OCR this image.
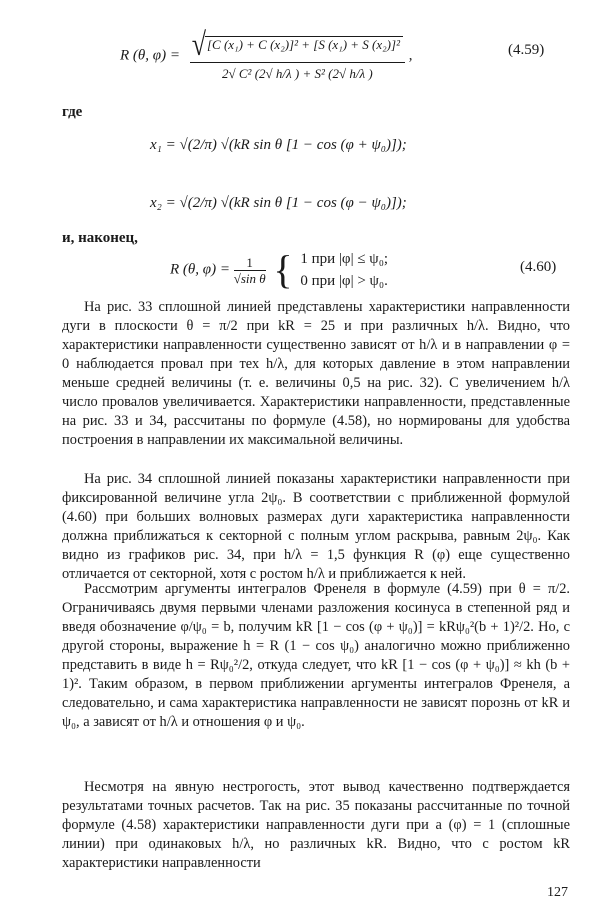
R (θ, $\varphi) = \frac{\text{√[C (x₁) + C (x₂)]² + [S (x₁) + S (x₂)]²}}{\text{2√ C² (2√ h/λ ) + S² (2√ h/λ )}}$ ,	(4.59)
где
x₁ = √(2/π) √(kR sin θ [1 − cos (φ + ψ₀)]);
x₂ = √(2/π) √(kR sin θ [1 − cos (φ − ψ₀)]);
и, наконец,
R (θ, $\varphi) = \frac{1}{\text{√sin θ}}$ { 1 при |φ| ≤ ψ₀;
0 при |φ| > ψ₀.
(4.60)

На рис. 33 сплошной линией представлены характеристики направленности дуги в плоскости θ = π/2 при kR = 25 и при различных h/λ. Видно, что характеристики направленности существенно зависят от h/λ и в направлении φ = 0 наблюдается провал при тех h/λ, для которых давление в этом направлении меньше средней величины (т. е. величины 0,5 на рис. 32). С увеличением h/λ число провалов увеличивается. Характеристики направленности, представленные на рис. 33 и 34, рассчитаны по формуле (4.58), но нормированы для удобства построения в направлении их максимальной величины.

На рис. 34 сплошной линией показаны характеристики направленности при фиксированной величине угла 2ψ₀. В соответствии с приближенной формулой (4.60) при больших волновых размерах дуги характеристика направленности должна приближаться к секторной с полным углом раскрыва, равным 2ψ₀. Как видно из графиков рис. 34, при h/λ = 1,5 функция R (φ) еще существенно отличается от секторной, хотя с ростом h/λ и приближается к ней.

Рассмотрим аргументы интегралов Френеля в формуле (4.59) при θ = π/2. Ограничиваясь двумя первыми членами разложения косинуса в степенной ряд и введя обозначение φ/ψ₀ = b, получим kR [1 − cos (φ + ψ₀)] = kRψ₀²(b + 1)²/2. Но, с другой стороны, выражение h = R (1 − cos ψ₀) аналогично можно приближенно представить в виде h = Rψ₀²/2, откуда следует, что kR [1 − cos (φ + ψ₀)] ≈ kh (b + 1)². Таким образом, в первом приближении аргументы интегралов Френеля, а следовательно, и сама характеристика направленности не зависят порознь от kR и ψ₀, а зависят от h/λ и отношения φ и ψ₀.

Несмотря на явную нестрогость, этот вывод качественно подтверждается результатами точных расчетов. Так на рис. 35 показаны рассчитанные по точной формуле (4.58) характеристики направленности дуги при a (φ) = 1 (сплошные линии) при одинаковых h/λ, но различных kR. Видно, что с ростом kR характеристики направленности

127
